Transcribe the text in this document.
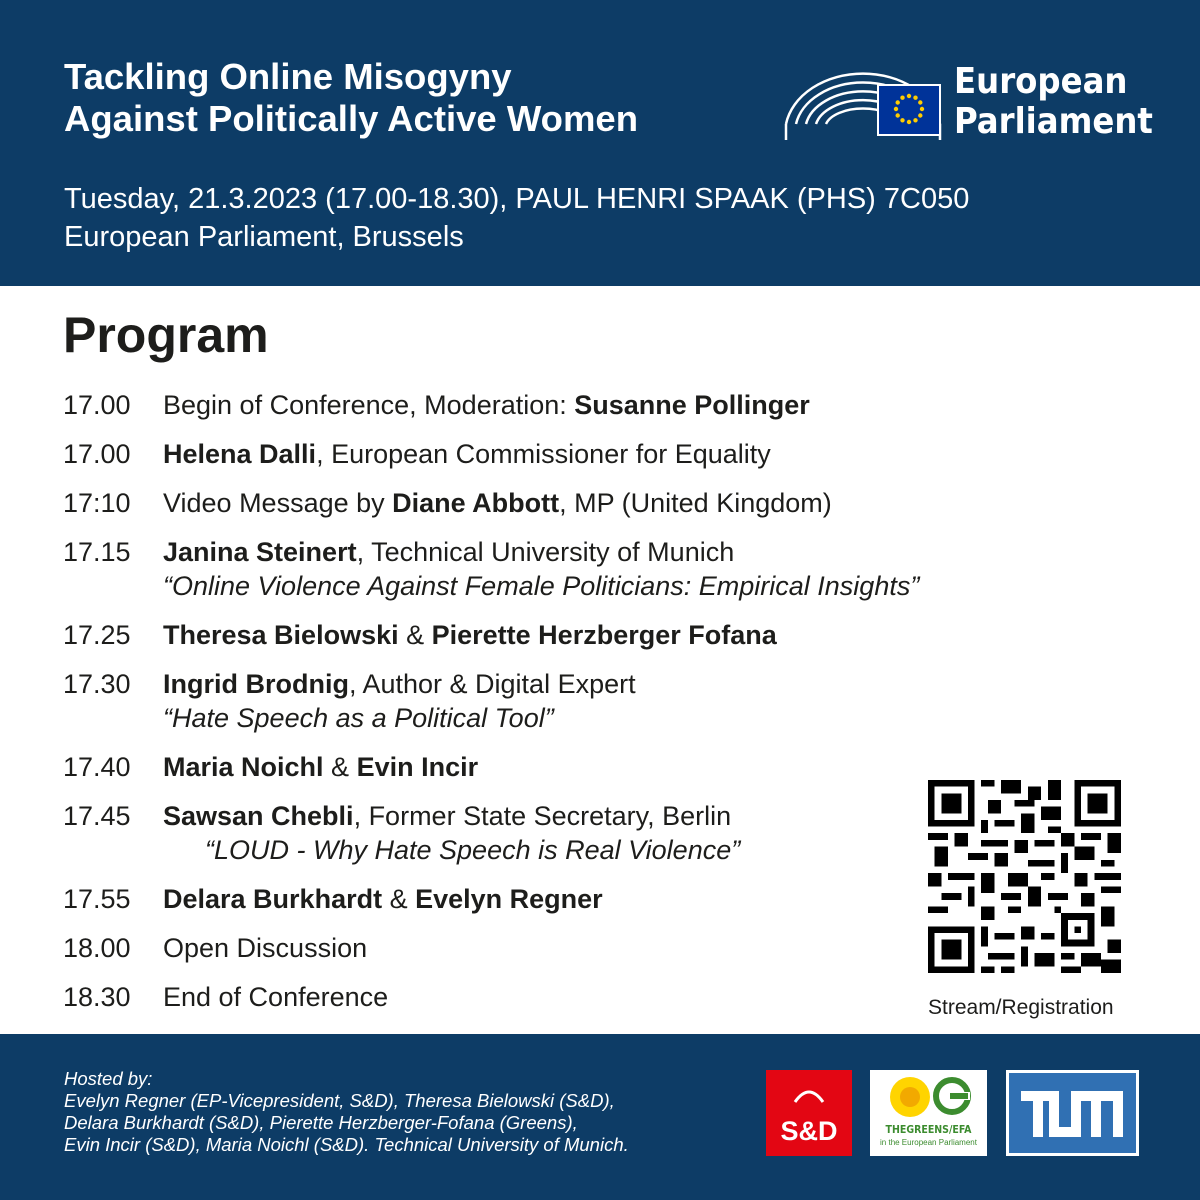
Tackling Online Misogyny
Against Politically Active Women
Tuesday, 21.3.2023 (17.00-18.30), PAUL HENRI SPAAK (PHS) 7C050
European Parliament, Brussels
European
Parliament
Program
17.00	Begin of Conference, Moderation: Susanne Pollinger
17.00	Helena Dalli, European Commissioner for Equality
17:10	Video Message by Diane Abbott, MP (United Kingdom)
17.15	Janina Steinert, Technical University of Munich
“Online Violence Against Female Politicians: Empirical Insights”
17.25	Theresa Bielowski & Pierette Herzberger Fofana
17.30	Ingrid Brodnig, Author & Digital Expert
“Hate Speech as a Political Tool”
17.40	Maria Noichl & Evin Incir
17.45	Sawsan Chebli, Former State Secretary, Berlin
“LOUD - Why Hate Speech is Real Violence”
17.55	Delara Burkhardt & Evelyn Regner
18.00	Open Discussion
18.30	End of Conference	Stream/Registration
Hosted by:
Evelyn Regner (EP-Vicepresident, S&D), Theresa Bielowski (S&D),
Delara Burkhardt (S&D), Pierette Herzberger-Fofana (Greens),
Evin Incir (S&D), Maria Noichl (S&D). Technical University of Munich.	S&D	THEGREENS/EFA
in the European Parliament
